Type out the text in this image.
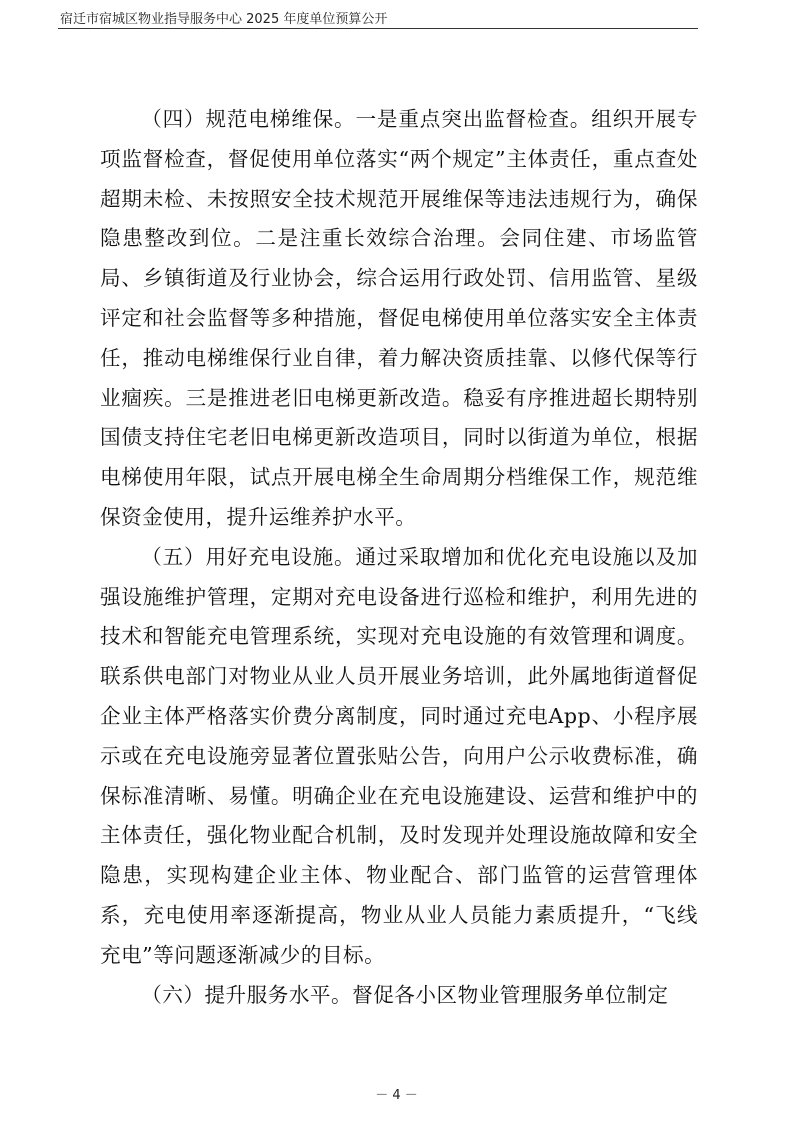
宿迁市宿城区物业指导服务中心 2025 年度单位预算公开

（四）规范电梯维保。一是重点突出监督检查。组织开展专项监督检查，督促使用单位落实“两个规定”主体责任，重点查处超期未检、未按照安全技术规范开展维保等违法违规行为，确保隐患整改到位。二是注重长效综合治理。会同住建、市场监管局、乡镇街道及行业协会，综合运用行政处罚、信用监管、星级评定和社会监督等多种措施，督促电梯使用单位落实安全主体责任，推动电梯维保行业自律，着力解决资质挂靠、以修代保等行业痼疾。三是推进老旧电梯更新改造。稳妥有序推进超长期特别国债支持住宅老旧电梯更新改造项目，同时以街道为单位，根据电梯使用年限，试点开展电梯全生命周期分档维保工作，规范维保资金使用，提升运维养护水平。

（五）用好充电设施。通过采取增加和优化充电设施以及加强设施维护管理，定期对充电设备进行巡检和维护，利用先进的技术和智能充电管理系统，实现对充电设施的有效管理和调度。联系供电部门对物业从业人员开展业务培训，此外属地街道督促企业主体严格落实价费分离制度，同时通过充电App、小程序展示或在充电设施旁显著位置张贴公告，向用户公示收费标准，确保标准清晰、易懂。明确企业在充电设施建设、运营和维护中的主体责任，强化物业配合机制，及时发现并处理设施故障和安全隐患，实现构建企业主体、物业配合、部门监管的运营管理体系，充电使用率逐渐提高，物业从业人员能力素质提升，“飞线充电”等问题逐渐减少的目标。

（六）提升服务水平。督促各小区物业管理服务单位制定

－ 4 －
